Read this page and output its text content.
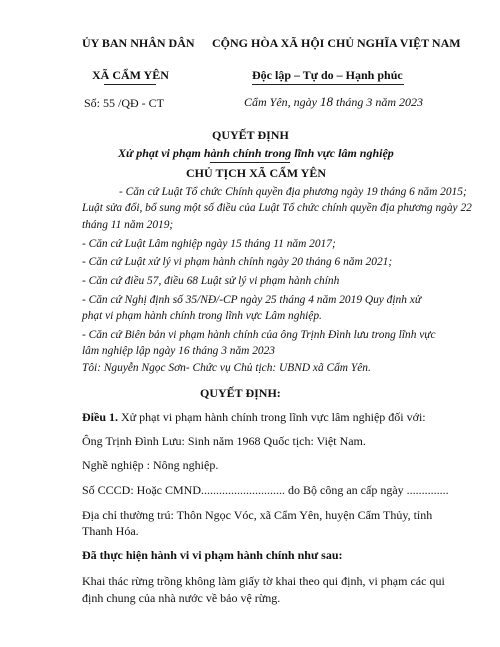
ỦY BAN NHÂN DÂN
XÃ CẨM YÊN
Số: 55 /QĐ - CT
CỘNG HÒA XÃ HỘI CHỦ NGHĨA VIỆT NAM
Độc lập – Tự do – Hạnh phúc
Cẩm Yên, ngày 18 tháng 3 năm 2023
QUYẾT ĐỊNH
Xử phạt vi phạm hành chính trong lĩnh vực lâm nghiệp
CHỦ TỊCH XÃ CẨM YÊN
- Căn cứ Luật Tổ chức Chính quyền địa phương ngày 19 tháng 6 năm 2015;
Luật sửa đổi, bổ sung một số điều của Luật Tổ chức chính quyền địa phương ngày 22
tháng 11 năm 2019;
- Căn cứ Luật Lâm nghiệp ngày 15 tháng 11 năm 2017;
- Căn cứ Luật xử lý vi phạm hành chính ngày 20 tháng 6 năm 2021;
- Căn cứ điều 57, điều 68 Luật sử lý vi phạm hành chính
- Căn cứ Nghị định số 35/NĐ/-CP ngày 25 tháng 4 năm 2019 Quy định xử
phạt vi phạm hành chính trong lĩnh vực Lâm nghiệp.
- Căn cứ Biên bản vi phạm hành chính của ông Trịnh Đình lưu trong lĩnh vực
lâm nghiệp lập ngày 16 tháng 3 năm 2023
Tôi: Nguyễn Ngọc Sơn- Chức vụ Chủ tịch: UBND xã Cẩm Yên.
QUYẾT ĐỊNH:
Điều 1. Xử phạt vi phạm hành chính trong lĩnh vực lâm nghiệp đối với:
Ông Trịnh Đình Lưu: Sinh năm 1968 Quốc tịch: Việt Nam.
Nghề nghiệp : Nông nghiệp.
Số CCCD: Hoặc CMND............................ do Bộ công an cấp ngày ..............
Địa chỉ thường trú: Thôn Ngọc Vóc, xã Cẩm Yên, huyện Cẩm Thủy, tỉnh
Thanh Hóa.
Đã thực hiện hành vi vi phạm hành chính như sau:
Khai thác rừng trồng không làm giấy tờ khai theo qui định, vi phạm các qui
định chung của nhà nước về bảo vệ rừng.
